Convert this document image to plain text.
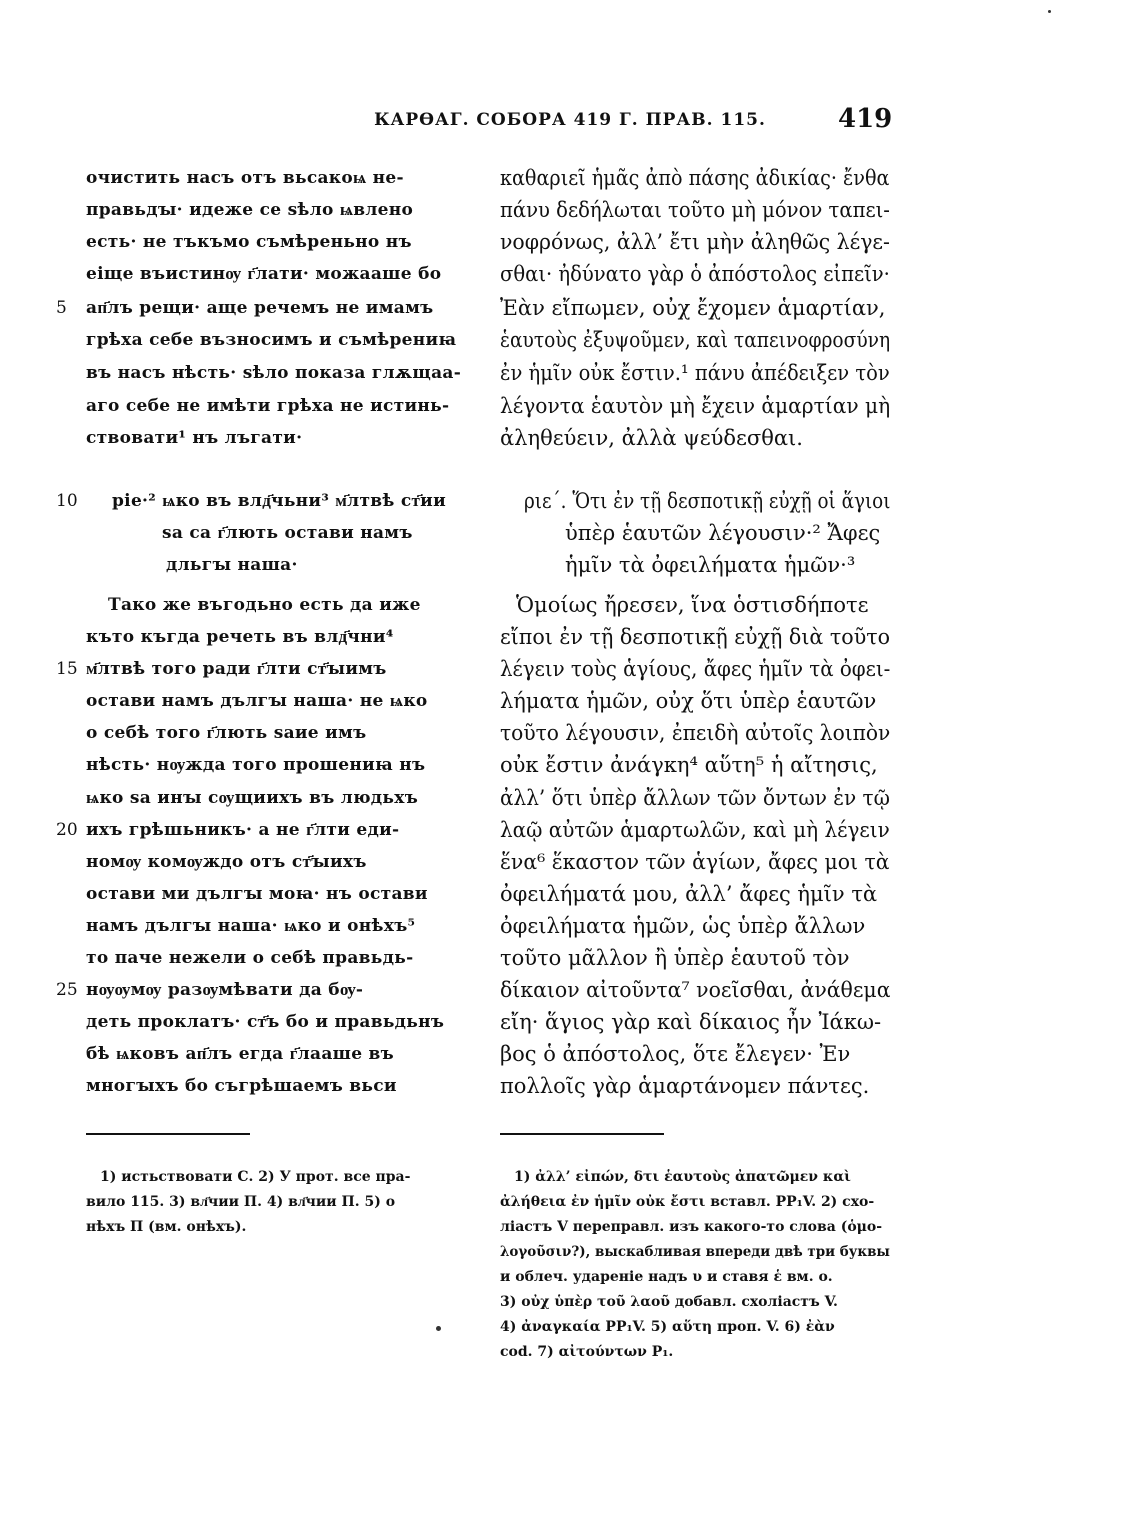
КАРѲАГ. СОБОРА 419 Г. ПРАВ. 115.	419
очистить насъ отъ вьсакоѩ не-
правьдꙑ· идеже се ѕѣло ѩвлено
есть· не тъкъмо съмѣреньно нъ
еіще въистинѹ г҃лати· можааше бо
ап҃лъ рещи· аще речемъ не имамъ
грѣха себе възносимъ и съмѣрениꙗ
въ насъ нѣсть· ѕѣло показа глѫщаа-
аго себе не имѣти грѣха не истинь-
ствовати¹ нъ лъгати·
ріе·² ѩко въ влд҃чьни³ м҃лтвѣ ст҃ии
ѕа са г҃лють остави намъ
дльгꙑ наша·
Тако же въгодьно есть да иже
къто къгда речеть въ влд҃чни⁴
м҃лтвѣ того ради г҃лти ст҃ꙑимъ
остави намъ дългꙑ наша· не ѩко
о себѣ того г҃лють ѕаие имъ
нѣсть· нѹжда того прошениꙗ нъ
ѩко ѕа инꙑ сѹщиихъ въ людьхъ
ихъ грѣшьникъ· а не г҃лти еди-
номѹ комѹждо отъ ст҃ꙑихъ
остави ми дългꙑ моꙗ· нъ остави
намъ дългꙑ наша· ѩко и онѣхъ⁵
то паче нежели о себѣ правьдь-
нѹѹмѹ разѹмѣвати да бѹ-
деть проклатъ· ст҃ъ бо и правьдьнъ
бѣ ѩковъ ап҃лъ егда г҃лааше въ
многꙑхъ бо съгрѣшаемъ вьси
5
10
15
20
25
καθαριεῖ ἡμᾶς ἀπὸ πάσης ἀδικίας· ἔνθα
πάνυ δεδήλωται τοῦτο μὴ μόνον ταπει-
νοφρόνως, ἀλλ’ ἔτι μὴν ἀληθῶς λέγε-
σθαι· ἠδύνατο γὰρ ὁ ἀπόστολος εἰπεῖν·
Ἐὰν εἴπωμεν, οὐχ ἔχομεν ἁμαρτίαν,
ἑαυτοὺς ἐξυψοῦμεν, καὶ ταπεινοφροσύνη
ἐν ἡμῖν οὐκ ἔστιν.¹ πάνυ ἀπέδειξεν τὸν
λέγοντα ἑαυτὸν μὴ ἔχειν ἁμαρτίαν μὴ
ἀληθεύειν, ἀλλὰ ψεύδεσθαι.
ριε΄. Ὅτι ἐν τῇ δεσποτικῇ εὐχῇ οἱ ἅγιοι
ὑπὲρ ἑαυτῶν λέγουσιν·² Ἄφες
ἡμῖν τὰ ὀφειλήματα ἡμῶν·³
Ὁμοίως ἤρεσεν, ἵνα ὁστισδήποτε
εἴποι ἐν τῇ δεσποτικῇ εὐχῇ διὰ τοῦτο
λέγειν τοὺς ἁγίους, ἄφες ἡμῖν τὰ ὀφει-
λήματα ἡμῶν, οὐχ ὅτι ὑπὲρ ἑαυτῶν
τοῦτο λέγουσιν, ἐπειδὴ αὐτοῖς λοιπὸν
οὐκ ἔστιν ἀνάγκη⁴ αὕτη⁵ ἡ αἴτησις,
ἀλλ’ ὅτι ὑπὲρ ἄλλων τῶν ὄντων ἐν τῷ
λαῷ αὐτῶν ἁμαρτωλῶν, καὶ μὴ λέγειν
ἕνα⁶ ἕκαστον τῶν ἁγίων, ἄφες μοι τὰ
ὀφειλήματά μου, ἀλλ’ ἄφες ἡμῖν τὰ
ὀφειλήματα ἡμῶν, ὡς ὑπὲρ ἄλλων
τοῦτο μᾶλλον ἢ ὑπὲρ ἑαυτοῦ τὸν
δίκαιον αἰτοῦντα⁷ νοεῖσθαι, ἀνάθεμα
εἴη· ἅγιος γὰρ καὶ δίκαιος ἦν Ἰάκω-
βος ὁ ἀπόστολος, ὅτε ἔλεγεν· Ἐν
πολλοῖς γὰρ ἁμαρτάνομεν πάντες.
1) истьствовати С. 2) У прот. все пра-
вило 115. 3) вл҃чии П. 4) вл҃чии П. 5) о
нѣхъ П (вм. онѣхъ).
1) ἀλλ’ εἰπών, δτι ἑαυτοὺς ἀπατῶμεν καὶ
ἀλήθεια ἐν ἡμῖν οὐκ ἔστι вставл. PP₁V. 2) схо-
ліастъ V переправл. изъ какого-то слова (ὁμο-
λογοῦσιν?), выскабливая впереди двѣ три буквы
и облеч. удареніе надъ υ и ставя ἑ вм. ο.
3) οὐχ ὑπὲρ τοῦ λαοῦ добавл. схоліастъ V.
4) ἀναγκαία PP₁V. 5) αὕτη проп. V. 6) ἐὰν
cod. 7) αἰτούντων P₁.
